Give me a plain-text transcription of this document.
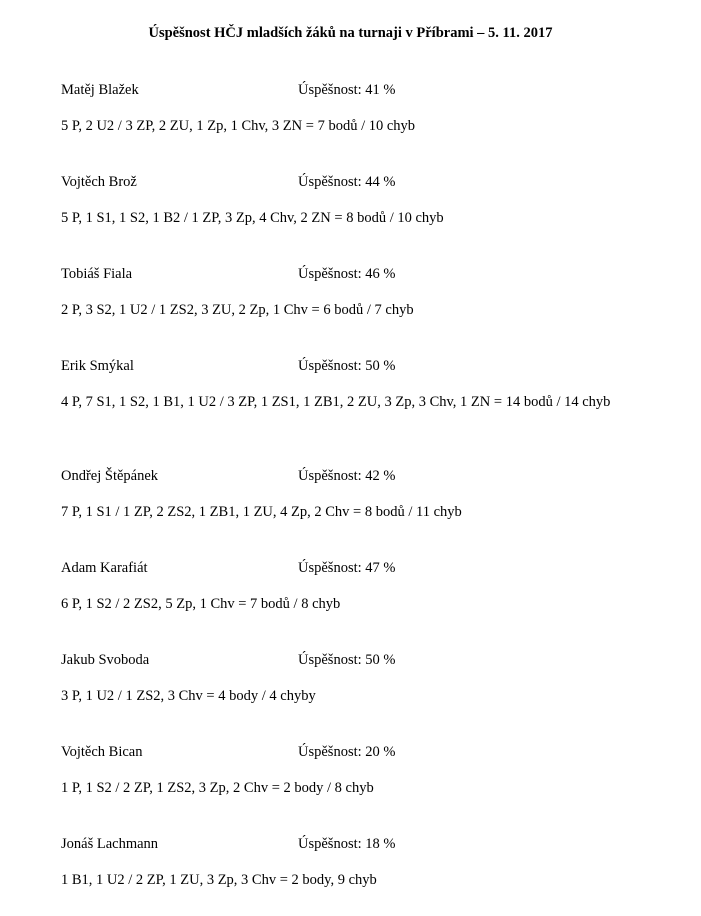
Úspěšnost HČJ mladších žáků na turnaji v Příbrami – 5. 11. 2017
Matěj Blažek	Úspěšnost: 41 %
5 P, 2 U2 / 3 ZP, 2 ZU, 1 Zp, 1 Chv, 3 ZN = 7 bodů / 10 chyb
Vojtěch Brož	Úspěšnost: 44 %
5 P, 1 S1, 1 S2, 1 B2 / 1 ZP, 3 Zp, 4 Chv, 2 ZN = 8 bodů / 10 chyb
Tobiáš Fiala	Úspěšnost: 46 %
2 P, 3 S2, 1 U2 / 1 ZS2, 3 ZU, 2 Zp, 1 Chv = 6 bodů / 7 chyb
Erik Smýkal	Úspěšnost: 50 %
4 P, 7 S1, 1 S2, 1 B1, 1 U2 / 3 ZP, 1 ZS1, 1 ZB1, 2 ZU, 3 Zp, 3 Chv, 1 ZN = 14 bodů / 14 chyb
Ondřej Štěpánek	Úspěšnost: 42 %
7 P, 1 S1 / 1 ZP, 2 ZS2, 1 ZB1, 1 ZU, 4 Zp, 2 Chv = 8 bodů / 11 chyb
Adam Karafiát	Úspěšnost: 47 %
6 P, 1 S2 / 2 ZS2, 5 Zp, 1 Chv = 7 bodů / 8 chyb
Jakub Svoboda	Úspěšnost: 50 %
3 P, 1 U2 / 1 ZS2, 3 Chv = 4 body / 4 chyby
Vojtěch Bican	Úspěšnost: 20 %
1 P, 1 S2 / 2 ZP, 1 ZS2, 3 Zp, 2 Chv = 2 body / 8 chyb
Jonáš Lachmann	Úspěšnost: 18 %
1 B1, 1 U2 / 2 ZP, 1 ZU, 3 Zp, 3 Chv = 2 body, 9 chyb
